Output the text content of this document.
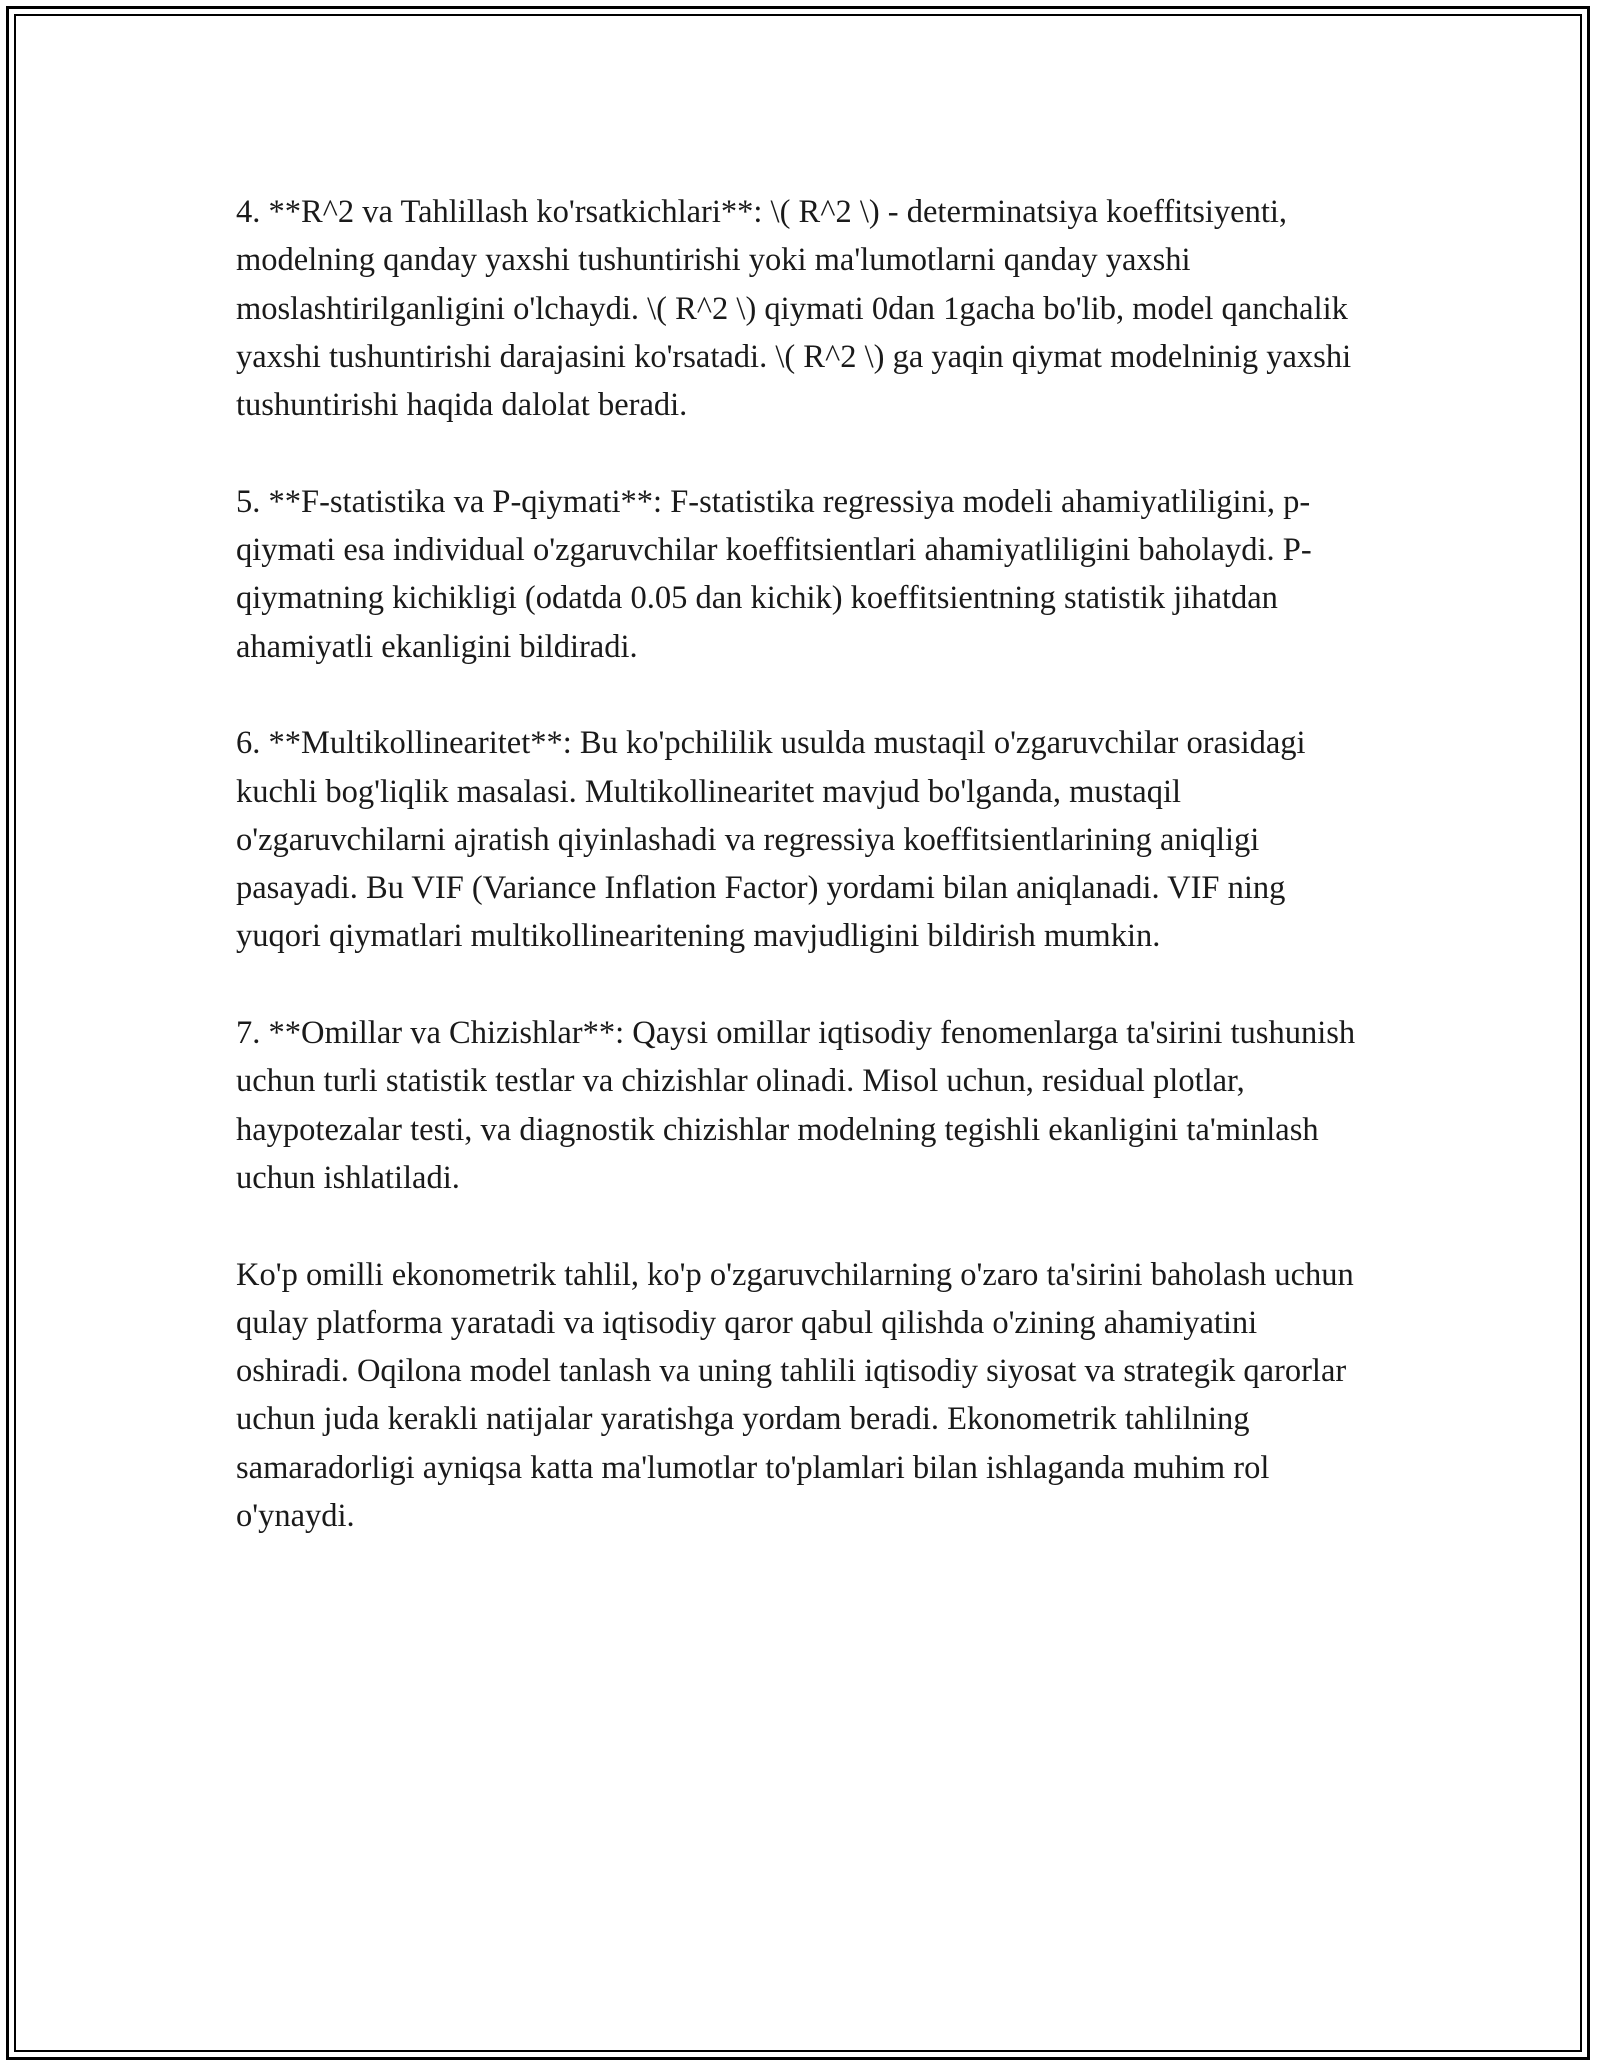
4. **R^2 va Tahlillash ko'rsatkichlari**: \( R^2 \) - determinatsiya koeffitsiyenti, modelning qanday yaxshi tushuntirishi yoki ma'lumotlarni qanday yaxshi moslashtirilganligini o'lchaydi. \( R^2 \) qiymati 0dan 1gacha bo'lib, model qanchalik yaxshi tushuntirishi darajasini ko'rsatadi. \( R^2 \) ga yaqin qiymat modelninig yaxshi tushuntirishi haqida dalolat beradi.

5. **F-statistika va P-qiymati**: F-statistika regressiya modeli ahamiyatliligini, p-qiymati esa individual o'zgaruvchilar koeffitsientlari ahamiyatliligini baholaydi. P-qiymatning kichikligi (odatda 0.05 dan kichik) koeffitsientning statistik jihatdan ahamiyatli ekanligini bildiradi.

6. **Multikollinearitet**: Bu ko'pchililik usulda mustaqil o'zgaruvchilar orasidagi kuchli bog'liqlik masalasi. Multikollinearitet mavjud bo'lganda, mustaqil o'zgaruvchilarni ajratish qiyinlashadi va regressiya koeffitsientlarining aniqligi pasayadi. Bu VIF (Variance Inflation Factor) yordami bilan aniqlanadi. VIF ning yuqori qiymatlari multikollinearitening mavjudligini bildirish mumkin.

7. **Omillar va Chizishlar**: Qaysi omillar iqtisodiy fenomenlarga ta'sirini tushunish uchun turli statistik testlar va chizishlar olinadi. Misol uchun, residual plotlar, haypotezalar testi, va diagnostik chizishlar modelning tegishli ekanligini ta'minlash uchun ishlatiladi.

Ko'p omilli ekonometrik tahlil, ko'p o'zgaruvchilarning o'zaro ta'sirini baholash uchun qulay platforma yaratadi va iqtisodiy qaror qabul qilishda o'zining ahamiyatini oshiradi. Oqilona model tanlash va uning tahlili iqtisodiy siyosat va strategik qarorlar uchun juda kerakli natijalar yaratishga yordam beradi. Ekonometrik tahlilning samaradorligi ayniqsa katta ma'lumotlar to'plamlari bilan ishlaganda muhim rol o'ynaydi.
